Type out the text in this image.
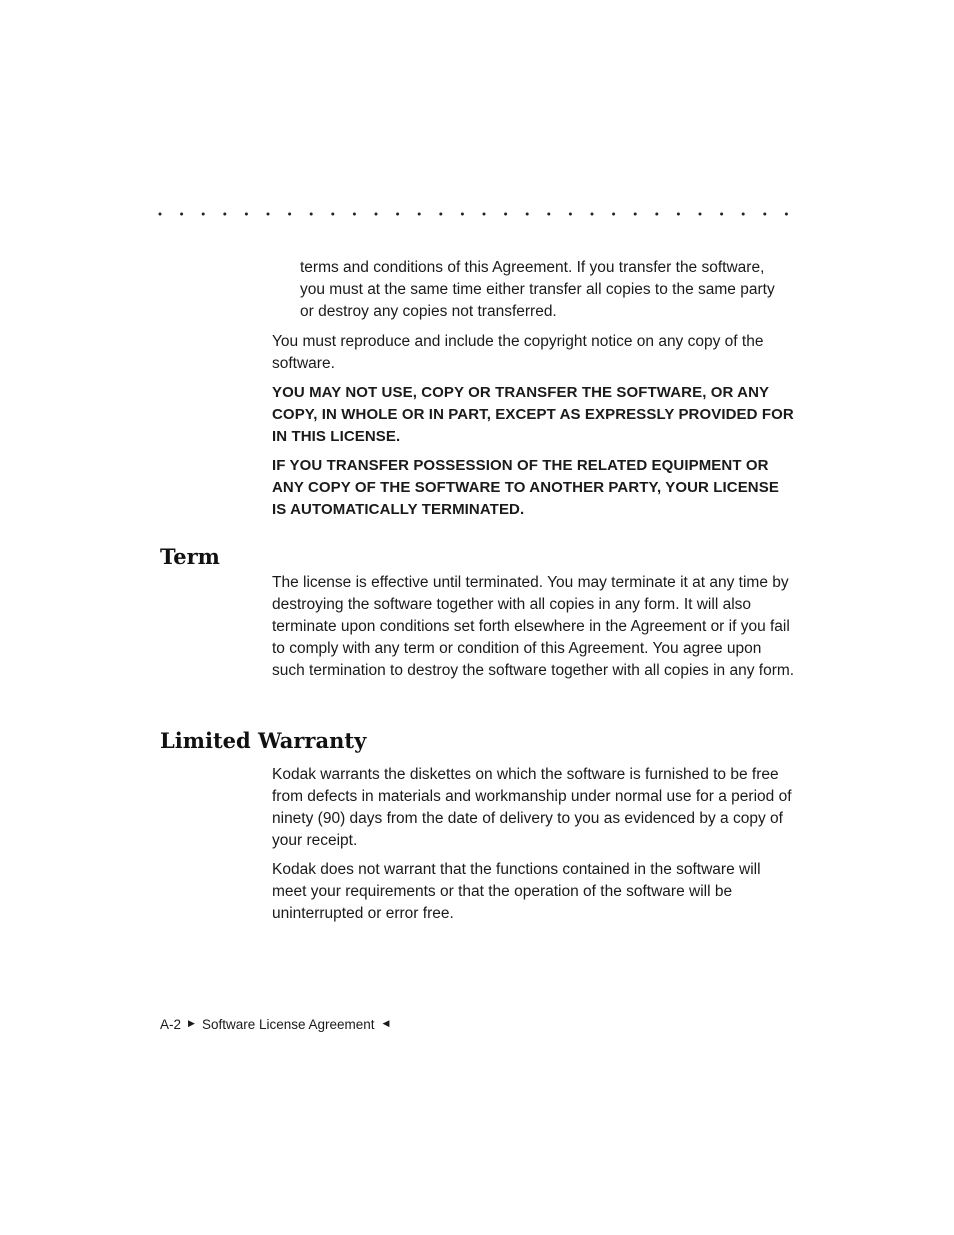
terms and conditions of this Agreement. If you transfer the software, you must at the same time either transfer all copies to the same party or destroy any copies not transferred.

You must reproduce and include the copyright notice on any copy of the software.

YOU MAY NOT USE, COPY OR TRANSFER THE SOFTWARE, OR ANY COPY, IN WHOLE OR IN PART, EXCEPT AS EXPRESSLY PROVIDED FOR IN THIS LICENSE.

IF YOU TRANSFER POSSESSION OF THE RELATED EQUIPMENT OR ANY COPY OF THE SOFTWARE TO ANOTHER PARTY, YOUR LICENSE IS AUTOMATICALLY TERMINATED.

Term

The license is effective until terminated. You may terminate it at any time by destroying the software together with all copies in any form. It will also terminate upon conditions set forth elsewhere in the Agreement or if you fail to comply with any term or condition of this Agreement. You agree upon such termination to destroy the software together with all copies in any form.

Limited Warranty

Kodak warrants the diskettes on which the software is furnished to be free from defects in materials and workmanship under normal use for a period of ninety (90) days from the date of delivery to you as evidenced by a copy of your receipt.

Kodak does not warrant that the functions contained in the software will meet your requirements or that the operation of the software will be uninterrupted or error free.

A-2 ▶ Software License Agreement ◀
